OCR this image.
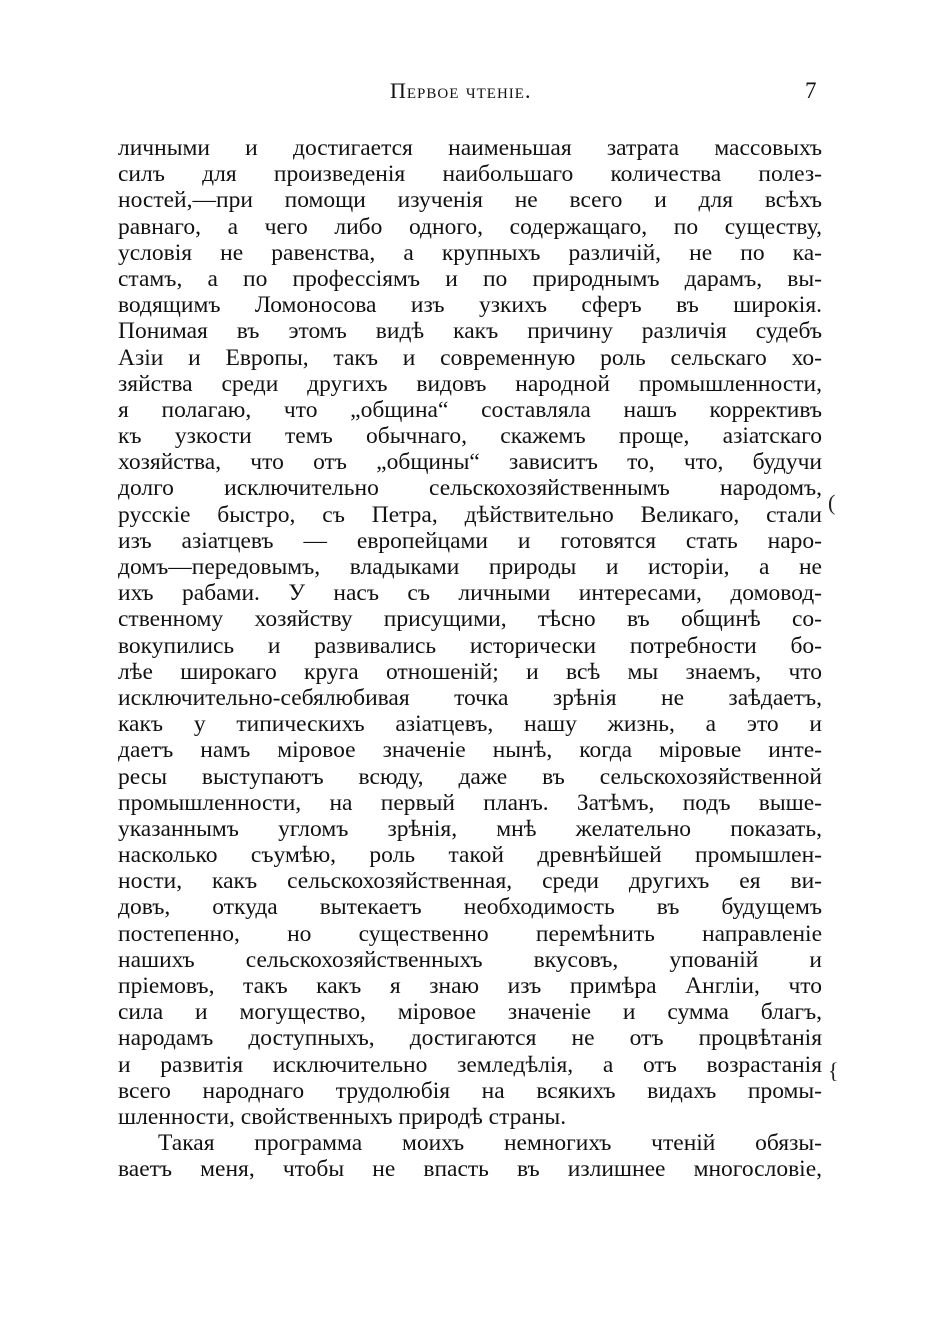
Первое чтеніе.	7
личными и достигается наименьшая затрата массовыхъ
силъ для произведенія наибольшаго количества полез-
ностей,—при помощи изученія не всего и для всѣхъ
равнаго, а чего либо одного, содержащаго, по существу,
условія не равенства, а крупныхъ различій, не по ка-
стамъ, а по профессіямъ и по природнымъ дарамъ, вы-
водящимъ Ломоносова изъ узкихъ сферъ въ широкія.
Понимая въ этомъ видѣ какъ причину различія судебъ
Азіи и Европы, такъ и современную роль сельскаго хо-
зяйства среди другихъ видовъ народной промышленности,
я полагаю, что „община“ составляла нашъ коррективъ
къ узкости темъ обычнаго, скажемъ проще, азіатскаго
хозяйства, что отъ „общины“ зависитъ то, что, будучи
долго исключительно сельскохозяйственнымъ народомъ,
русскіе быстро, съ Петра, дѣйствительно Великаго, стали
изъ азіатцевъ — европейцами и готовятся стать наро-
домъ—передовымъ, владыками природы и исторіи, а не
ихъ рабами. У насъ съ личными интересами, домовод-
ственному хозяйству присущими, тѣсно въ общинѣ со-
вокупились и развивались исторически потребности бо-
лѣе широкаго круга отношеній; и всѣ мы знаемъ, что
исключительно-себялюбивая точка зрѣнія не заѣдаетъ,
какъ у типическихъ азіатцевъ, нашу жизнь, а это и
даетъ намъ міровое значеніе нынѣ, когда міровые инте-
ресы выступаютъ всюду, даже въ сельскохозяйственной
промышленности, на первый планъ. Затѣмъ, подъ выше-
указаннымъ угломъ зрѣнія, мнѣ желательно показать,
насколько съумѣю, роль такой древнѣйшей промышлен-
ности, какъ сельскохозяйственная, среди другихъ ея ви-
довъ, откуда вытекаетъ необходимость въ будущемъ
постепенно, но существенно перемѣнить направленіе
нашихъ сельскохозяйственныхъ вкусовъ, упованій и
пріемовъ, такъ какъ я знаю изъ примѣра Англіи, что
сила и могущество, міровое значеніе и сумма благъ,
народамъ доступныхъ, достигаются не отъ процвѣтанія
и развитія исключительно земледѣлія, а отъ возрастанія
всего народнаго трудолюбія на всякихъ видахъ промы-
шленности, свойственныхъ природѣ страны.
Такая программа моихъ немногихъ чтеній обязы-
ваетъ меня, чтобы не впасть въ излишнее многословіе,
(
{
